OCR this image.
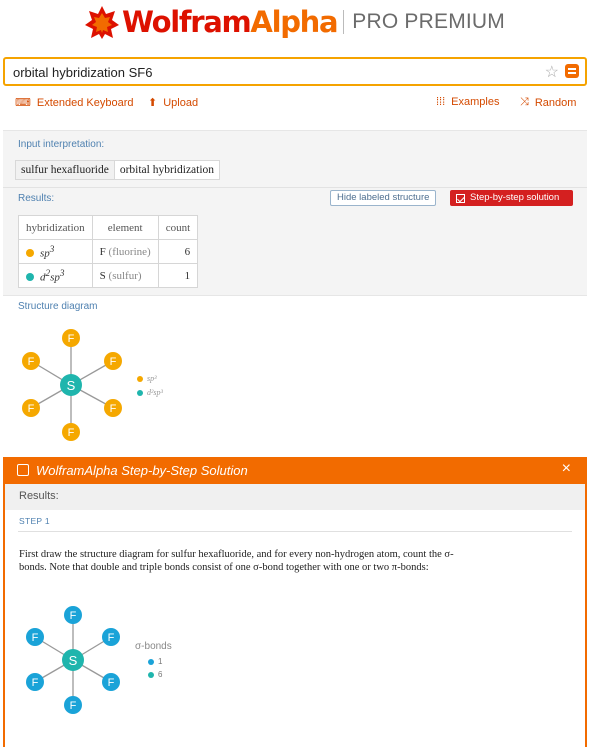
WolframAlpha PRO PREMIUM
orbital hybridization SF6
☆
⌨ Extended Keyboard ⬆ Upload	⁞⁞⁞ Examples ⤨ Random
Input interpretation:
sulfur hexafluoride orbital hybridization
Results:	Hide labeled structure	Step-by-step solution
hybridization	element	count
$sp^3$	F (fluorine)	6
$d^2sp^3$	S (sulfur)	1
Structure diagram
F
F	F
F	F
F
S	sp³
d²sp³
WolframAlpha Step-by-Step Solution	×
Results:
STEP 1
First draw the structure diagram for sulfur hexafluoride, and for every non-hydrogen atom, count the σ-bonds. Note that double and triple bonds consist of one σ-bond together with one or two π-bonds:
F
F	F
F	F
F
S
σ-bonds
1
6
